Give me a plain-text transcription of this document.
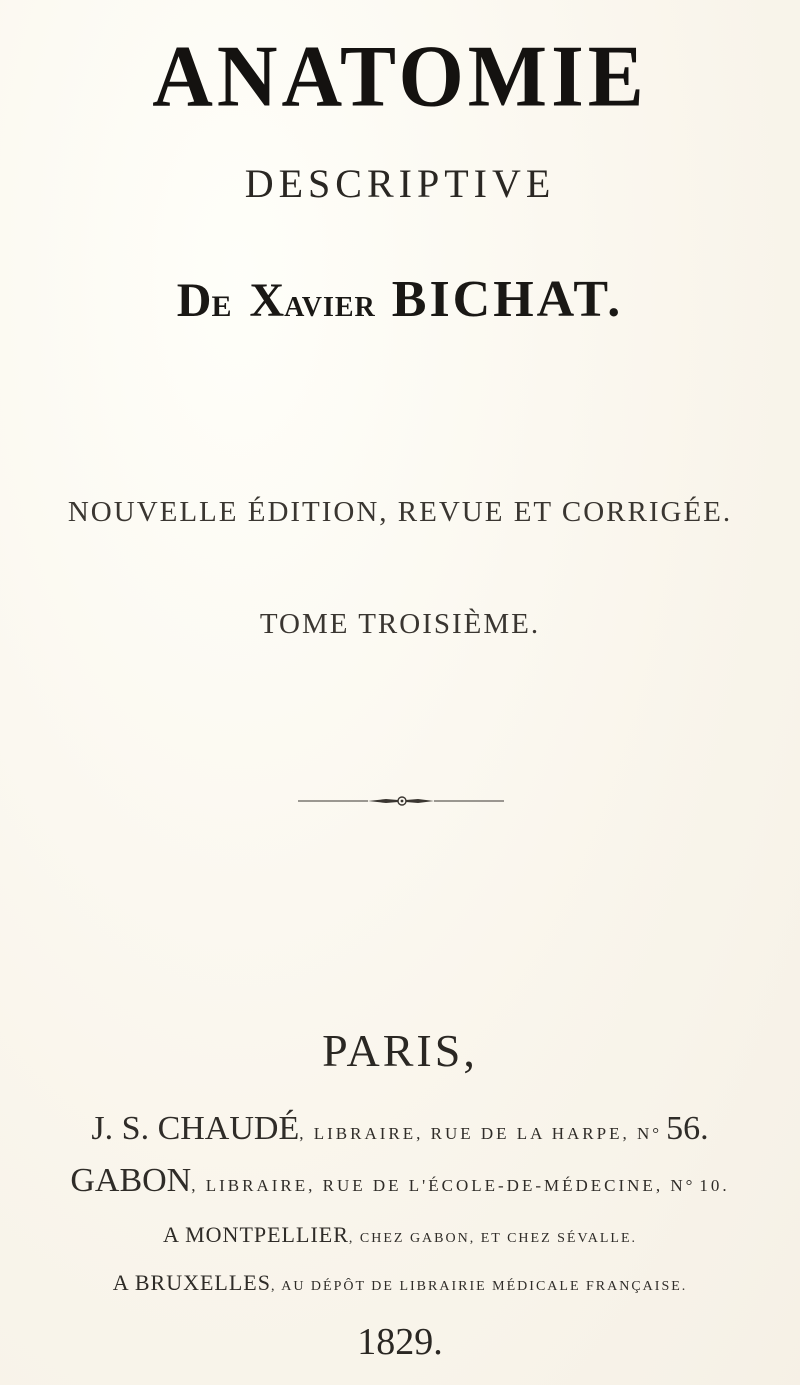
ANATOMIE
DESCRIPTIVE
DE XAVIER BICHAT.
NOUVELLE ÉDITION, REVUE ET CORRIGÉE.
TOME TROISIÈME.
PARIS,
J. S. CHAUDÉ, LIBRAIRE, RUE DE LA HARPE, N° 56.
GABON, LIBRAIRE, RUE DE L'ÉCOLE-DE-MÉDECINE, N° 10.
A MONTPELLIER, CHEZ GABON, ET CHEZ SÉVALLE.
A BRUXELLES, AU DÉPÔT DE LIBRAIRIE MÉDICALE FRANÇAISE.
1829.
